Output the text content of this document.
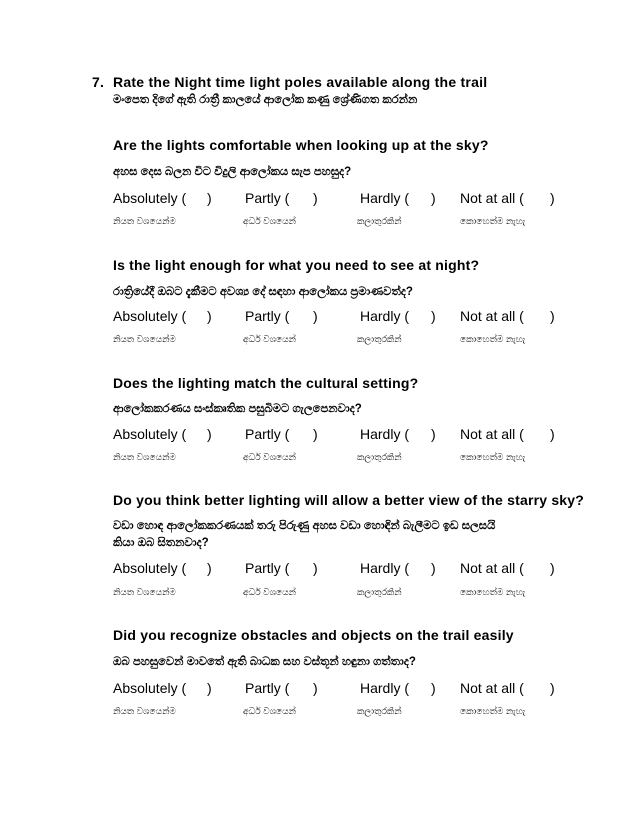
7. Rate the Night time light poles available along the trail
මංපෙත දිගේ ඇති රාත්‍රී කාලයේ ආලෝක කණු ශ්‍රේණිගත කරන්න
Are the lights comfortable when looking up at the sky?
අහස දෙස බලන විට විදුලි ආලෝකය සැප පහසුද?
Absolutely ( ) Partly ( )	Hardly ( ) Not at all ( )
නියත වශයෙන්ම	අර්ධ වශයෙන්	කලාතුරකින්	කොහෙත්ම නැහැ
Is the light enough for what you need to see at night?
රාත්‍රියේදී ඔබට දැකීමට අවශ්‍ය දේ සඳහා ආලෝකය ප්‍රමාණවත්ද?
Absolutely ( ) Partly ( )	Hardly ( ) Not at all ( )
නියත වශයෙන්ම	අර්ධ වශයෙන්	කලාතුරකින්	කොහෙත්ම නැහැ
Does the lighting match the cultural setting?
ආලෝකකරණය සංස්කෘතික පසුබිමට ගැලපෙනවාද?
Absolutely ( ) Partly ( )	Hardly ( ) Not at all ( )
නියත වශයෙන්ම	අර්ධ වශයෙන්	කලාතුරකින්	කොහෙත්ම නැහැ
Do you think better lighting will allow a better view of the starry sky?
වඩා හොඳ ආලෝකකරණයක් තරු පිරුණු අහස වඩා හොඳින් බැලීමට ඉඩ සලසයි
කියා ඔබ සිතනවාද?
Absolutely ( ) Partly ( )	Hardly ( ) Not at all ( )
නියත වශයෙන්ම	අර්ධ වශයෙන්	කලාතුරකින්	කොහෙත්ම නැහැ
Did you recognize obstacles and objects on the trail easily
ඔබ පහසුවෙන් මාවතේ ඇති බාධක සහ වස්තූන් හඳුනා ගත්තාද?
Absolutely ( ) Partly ( )	Hardly ( ) Not at all ( )
නියත වශයෙන්ම	අර්ධ වශයෙන්	කලාතුරකින්	කොහෙත්ම නැහැ
